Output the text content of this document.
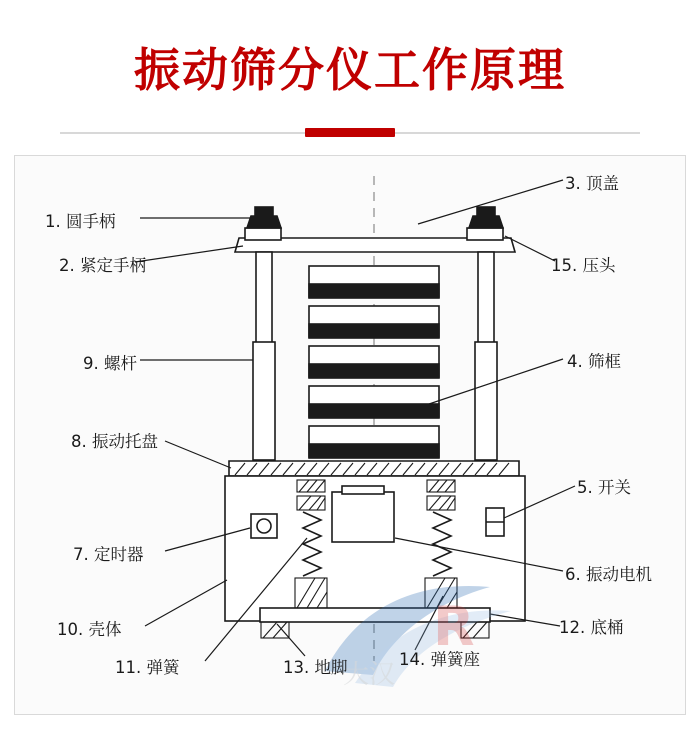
振动筛分仪工作原理
R
大汉
1. 圆手柄
2. 紧定手柄
3. 顶盖
4. 筛框
5. 开关
6. 振动电机
7. 定时器
8. 振动托盘
9. 螺杆
10. 壳体
11. 弹簧
12. 底桶
13. 地脚	14. 弹簧座
15. 压头
